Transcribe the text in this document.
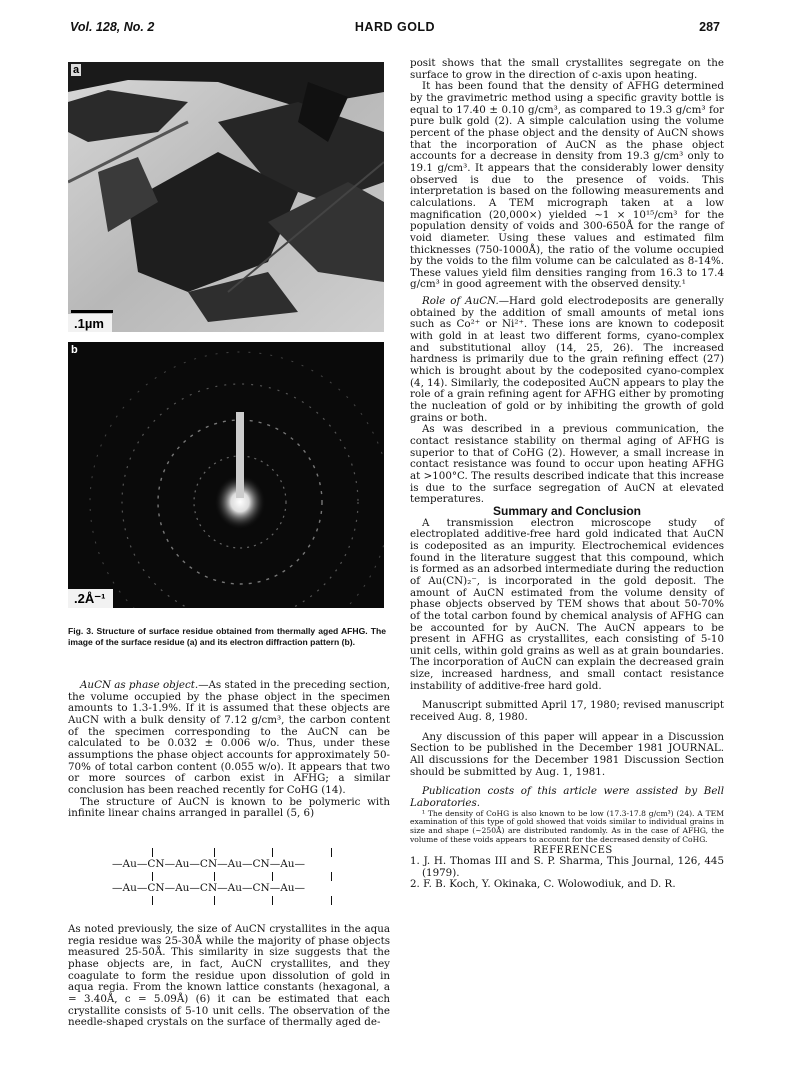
Vol. 128, No. 2	HARD GOLD	287
a
.1µm
b
.2Å⁻¹
Fig. 3. Structure of surface residue obtained from thermally aged AFHG. The image of the surface residue (a) and its electron diffraction pattern (b).

AuCN as phase object.—As stated in the preceding section, the volume occupied by the phase object in the specimen amounts to 1.3-1.9%. If it is assumed that these objects are AuCN with a bulk density of 7.12 g/cm³, the carbon content of the specimen corresponding to the AuCN can be calculated to be 0.032 ± 0.006 w/o. Thus, under these assumptions the phase object accounts for approximately 50-70% of total carbon content (0.055 w/o). It appears that two or more sources of carbon exist in AFHG; a similar conclusion has been reached recently for CoHG (14).

The structure of AuCN is known to be polymeric with infinite linear chains arranged in parallel (5, 6)

—Au—CN—Au—CN—Au—CN—Au—
—Au—CN—Au—CN—Au—CN—Au—

As noted previously, the size of AuCN crystallites in the aqua regia residue was 25-30Å while the majority of phase objects measured 25-50Å. This similarity in size suggests that the phase objects are, in fact, AuCN crystallites, and they coagulate to form the residue upon dissolution of gold in aqua regia. From the known lattice constants (hexagonal, a = 3.40Å, c = 5.09Å) (6) it can be estimated that each crystallite consists of 5-10 unit cells. The observation of the needle-shaped crystals on the surface of thermally aged de-

posit shows that the small crystallites segregate on the surface to grow in the direction of c-axis upon heating.

It has been found that the density of AFHG determined by the gravimetric method using a specific gravity bottle is equal to 17.40 ± 0.10 g/cm³, as compared to 19.3 g/cm³ for pure bulk gold (2). A simple calculation using the volume percent of the phase object and the density of AuCN shows that the incorporation of AuCN as the phase object accounts for a decrease in density from 19.3 g/cm³ only to 19.1 g/cm³. It appears that the considerably lower density observed is due to the presence of voids. This interpretation is based on the following measurements and calculations. A TEM micrograph taken at a low magnification (20,000×) yielded ~1 × 10¹⁵/cm³ for the population density of voids and 300-650Å for the range of void diameter. Using these values and estimated film thicknesses (750-1000Å), the ratio of the volume occupied by the voids to the film volume can be calculated as 8-14%. These values yield film densities ranging from 16.3 to 17.4 g/cm³ in good agreement with the observed density.¹

Role of AuCN.—Hard gold electrodeposits are generally obtained by the addition of small amounts of metal ions such as Co²⁺ or Ni²⁺. These ions are known to codeposit with gold in at least two different forms, cyano-complex and substitutional alloy (14, 25, 26). The increased hardness is primarily due to the grain refining effect (27) which is brought about by the codeposited cyano-complex (4, 14). Similarly, the codeposited AuCN appears to play the role of a grain refining agent for AFHG either by promoting the nucleation of gold or by inhibiting the growth of gold grains or both.

As was described in a previous communication, the contact resistance stability on thermal aging of AFHG is superior to that of CoHG (2). However, a small increase in contact resistance was found to occur upon heating AFHG at >100°C. The results described indicate that this increase is due to the surface segregation of AuCN at elevated temperatures.

Summary and Conclusion

A transmission electron microscope study of electroplated additive-free hard gold indicated that AuCN is codeposited as an impurity. Electrochemical evidences found in the literature suggest that this compound, which is formed as an adsorbed intermediate during the reduction of Au(CN)₂⁻, is incorporated in the gold deposit. The amount of AuCN estimated from the volume density of phase objects observed by TEM shows that about 50-70% of the total carbon found by chemical analysis of AFHG can be accounted for by AuCN. The AuCN appears to be present in AFHG as crystallites, each consisting of 5-10 unit cells, within gold grains as well as at grain boundaries. The incorporation of AuCN can explain the decreased grain size, increased hardness, and small contact resistance instability of additive-free hard gold.

Manuscript submitted April 17, 1980; revised manuscript received Aug. 8, 1980.

Any discussion of this paper will appear in a Discussion Section to be published in the December 1981 JOURNAL. All discussions for the December 1981 Discussion Section should be submitted by Aug. 1, 1981.

Publication costs of this article were assisted by Bell Laboratories.

¹ The density of CoHG is also known to be low (17.3-17.8 g/cm³) (24). A TEM examination of this type of gold showed that voids similar to individual grains in size and shape (~250Å) are distributed randomly. As in the case of AFHG, the volume of these voids appears to account for the decreased density of CoHG.

REFERENCES

1. J. H. Thomas III and S. P. Sharma, This Journal, 126, 445 (1979).

2. F. B. Koch, Y. Okinaka, C. Wolowodiuk, and D. R.
